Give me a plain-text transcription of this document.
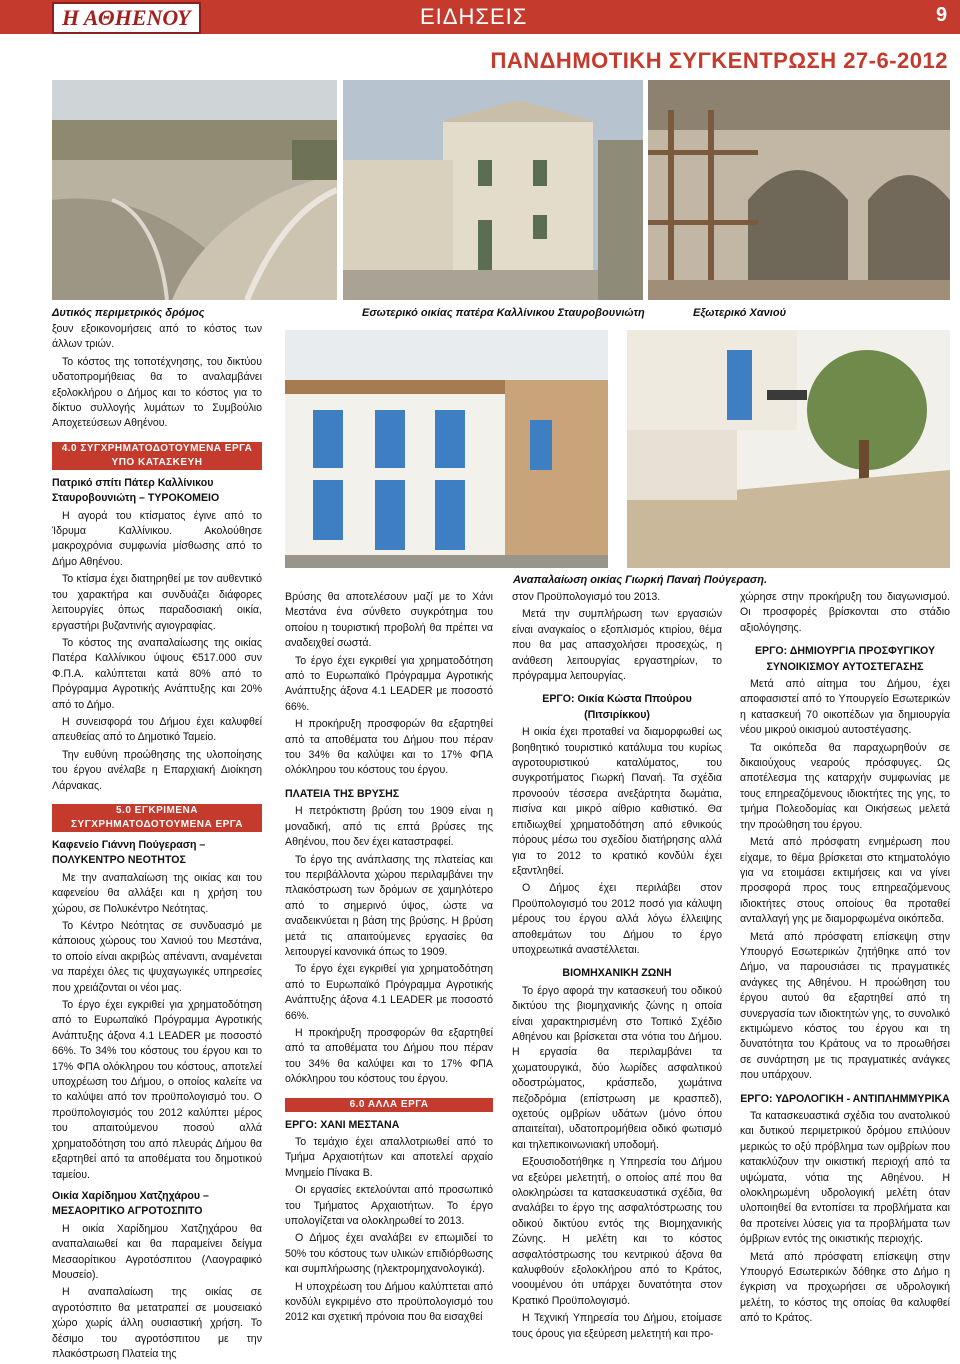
Η ΑΘΗΕΝΟΥ	ΕΙΔΗΣΕΙΣ	9
ΠΑΝΔΗΜΟΤΙΚΗ ΣΥΓΚΕΝΤΡΩΣΗ 27-6-2012
Δυτικός περιμετρικός δρόμος	Εσωτερικό οικίας πατέρα Καλλίνικου Σταυροβουνιώτη	Εξωτερικό Χανιού
Αναπαλαίωση οικίας Γιωρκή Παναή Πούγεραση.

ξουν εξοικονομήσεις από το κόστος των άλλων τριών.

Το κόστος της τοποτέχνησης, του δικτύου υδατοπρομήθειας θα το αναλαμβάνει εξολοκλήρου ο Δήμος και το κόστος για το δίκτυο συλλογής λυμάτων το Συμβούλιο Αποχετεύσεων Αθηένου.

4.0 ΣΥΓΧΡΗΜΑΤΟΔΟΤΟΥΜΕΝΑ ΕΡΓΑ
ΥΠΟ ΚΑΤΑΣΚΕΥΗ

Πατρικό σπίτι Πάτερ Καλλίνικου Σταυροβουνιώτη – ΤΥΡΟΚΟΜΕΙΟ

Η αγορά του κτίσματος έγινε από το Ίδρυμα Καλλίνικου. Ακολούθησε μακροχρόνια συμφωνία μίσθωσης από το Δήμο Αθηένου.

Το κτίσμα έχει διατηρηθεί με τον αυθεντικό του χαρακτήρα και συνδυάζει διάφορες λειτουργίες όπως παραδοσιακή οικία, εργαστήρι βυζαντινής αγιογραφίας.

Το κόστος της αναπαλαίωσης της οικίας Πατέρα Καλλίνικου ύψους €517.000 συν Φ.Π.Α. καλύπτεται κατά 80% από το Πρόγραμμα Αγροτικής Ανάπτυξης και 20% από το Δήμο.

Η συνεισφορά του Δήμου έχει καλυφθεί απευθείας από το Δημοτικό Ταμείο.

Την ευθύνη προώθησης της υλοποίησης του έργου ανέλαβε η Επαρχιακή Διοίκηση Λάρνακας.

5.0 ΕΓΚΡΙΜΕΝΑ
ΣΥΓΧΡΗΜΑΤΟΔΟΤΟΥΜΕΝΑ ΕΡΓΑ

Καφενείο Γιάννη Πούγεραση – ΠΟΛΥΚΕΝΤΡΟ ΝΕΟΤΗΤΟΣ

Με την αναπαλαίωση της οικίας και του καφενείου θα αλλάξει και η χρήση του χώρου, σε Πολυκέντρο Νεότητας.

Το Κέντρο Νεότητας σε συνδυασμό με κάποιους χώρους του Χανιού του Μεστάνα, το οποίο είναι ακριβώς απέναντι, αναμένεται να παρέχει όλες τις ψυχαγωγικές υπηρεσίες που χρειάζονται οι νέοι μας.

Το έργο έχει εγκριθεί για χρηματοδότηση από το Ευρωπαϊκό Πρόγραμμα Αγροτικής Ανάπτυξης άξονα 4.1 LEADER με ποσοστό 66%. Το 34% του κόστους του έργου και το 17% ΦΠΑ ολόκληρου του κόστους, αποτελεί υποχρέωση του Δήμου, ο οποίος καλείτε να το καλύψει από τον προϋπολογισμό του. Ο προϋπολογισμός του 2012 καλύπτει μέρος του απαιτούμενου ποσού αλλά χρηματοδότηση του από πλευράς Δήμου θα εξαρτηθεί από τα αποθέματα του δημοτικού ταμείου.

Οικία Χαρίδημου Χατζηχάρου – ΜΕΣΑΟΡΙΤΙΚΟ ΑΓΡΟΤΟΣΠΙΤΟ

Η οικία Χαρίδημου Χατζηχάρου θα αναπαλαιωθεί και θα παραμείνει δείγμα Μεσαορίτικου Αγροτόσπιτου (Λαογραφικό Μουσείο).

Η αναπαλαίωση της οικίας σε αγροτόσπιτο θα μετατραπεί σε μουσειακό χώρο χωρίς άλλη ουσιαστική χρήση. Το δέσιμο του αγροτόσπιτου με την πλακόστρωση Πλατεία της

Βρύσης θα αποτελέσουν μαζί με το Χάνι Μεστάνα ένα σύνθετο συγκρότημα του οποίου η τουριστική προβολή θα πρέπει να αναδειχθεί σωστά.

Το έργο έχει εγκριθεί για χρηματοδότηση από το Ευρωπαϊκό Πρόγραμμα Αγροτικής Ανάπτυξης άξονα 4.1 LEADER με ποσοστό 66%.

Η προκήρυξη προσφορών θα εξαρτηθεί από τα αποθέματα του Δήμου που πέραν του 34% θα καλύψει και το 17% ΦΠΑ ολόκληρου του κόστους του έργου.

ΠΛΑΤΕΙΑ ΤΗΣ ΒΡΥΣΗΣ

Η πετρόκτιστη βρύση του 1909 είναι η μοναδική, από τις επτά βρύσες της Αθηένου, που δεν έχει καταστραφεί.

Το έργο της ανάπλασης της πλατείας και του περιβάλλοντα χώρου περιλαμβάνει την πλακόστρωση των δρόμων σε χαμηλότερο από το σημερινό ύψος, ώστε να αναδεικνύεται η βάση της βρύσης. Η βρύση μετά τις απαιτούμενες εργασίες θα λειτουργεί κανονικά όπως το 1909.

Το έργο έχει εγκριθεί για χρηματοδότηση από το Ευρωπαϊκό Πρόγραμμα Αγροτικής Ανάπτυξης άξονα 4.1 LEADER με ποσοστό 66%.

Η προκήρυξη προσφορών θα εξαρτηθεί από τα αποθέματα του Δήμου που πέραν του 34% θα καλύψει και το 17% ΦΠΑ ολόκληρου του κόστους του έργου.

6.0 ΑΛΛΑ ΕΡΓΑ

ΕΡΓΟ: ΧΑΝΙ ΜΕΣΤΑΝΑ

Το τεμάχιο έχει απαλλοτριωθεί από το Τμήμα Αρχαιοτήτων και αποτελεί αρχαίο Μνημείο Πίνακα Β.

Οι εργασίες εκτελούνται από προσωπικό του Τμήματος Αρχαιοτήτων. Το έργο υπολογίζεται να ολοκληρωθεί το 2013.

Ο Δήμος έχει αναλάβει εν επωμιδεί το 50% του κόστους των υλικών επιδιόρθωσης και συμπλήρωσης (ηλεκτρομηχανολογικά).

Η υποχρέωση του Δήμου καλύπτεται από κονδύλι εγκριμένο στο προϋπολογισμό του 2012 και σχετική πρόνοια που θα εισαχθεί

στον Προϋπολογισμό του 2013.

Μετά την συμπλήρωση των εργασιών είναι αναγκαίος ο εξοπλισμός κτιρίου, θέμα που θα μας απασχολήσει προσεχώς, η ανάθεση λειτουργίας εργαστηρίων, το πρόγραμμα λειτουργίας.

ΕΡΓΟ: Οικία Κώστα Ππούρου (Πιτσιρίκκου)

Η οικία έχει προταθεί να διαμορφωθεί ως βοηθητικό τουριστικό κατάλυμα του κυρίως αγροτουριστικού καταλύματος, του συγκροτήματος Γιωρκή Παναή. Τα σχέδια προνοούν τέσσερα ανεξάρτητα δωμάτια, πισίνα και μικρό αίθριο καθιστικό. Θα επιδιωχθεί χρηματοδότηση από εθνικούς πόρους μέσω του σχεδίου διατήρησης αλλά για το 2012 το κρατικό κονδύλι έχει εξαντληθεί.

Ο Δήμος έχει περιλάβει στον Προϋπολογισμό του 2012 ποσό για κάλυψη μέρους του έργου αλλά λόγω έλλειψης αποθεμάτων του Δήμου το έργο υποχρεωτικά αναστέλλεται.

ΒΙΟΜΗΧΑΝΙΚΗ ΖΩΝΗ

Το έργο αφορά την κατασκευή του οδικού δικτύου της βιομηχανικής ζώνης η οποία είναι χαρακτηρισμένη στο Τοπικό Σχέδιο Αθηένου και βρίσκεται στα νότια του Δήμου. Η εργασία θα περιλαμβάνει τα χωματουργικά, δύο λωρίδες ασφαλτικού οδοστρώματος, κράσπεδο, χωμάτινα πεζοδρόμια (επίστρωση με κρασπεδ), οχετούς ομβρίων υδάτων (μόνο όπου απαιτείται), υδατοπρομήθεια οδικό φωτισμό και τηλεπικοινωνιακή υποδομή.

Εξουσιοδοτήθηκε η Υπηρεσία του Δήμου να εξεύρει μελετητή, ο οποίος απέ που θα ολοκληρώσει τα κατασκευαστικά σχέδια, θα αναλάβει το έργο της ασφαλτόστρωσης του οδικού δικτύου εντός της Βιομηχανικής Ζώνης. Η μελέτη και το κόστος ασφαλτόστρωσης του κεντρικού άξονα θα καλυφθούν εξολοκλήρου από το Κράτος, νοουμένου ότι υπάρχει δυνατότητα στον Κρατικό Προϋπολογισμό.

Η Τεχνική Υπηρεσία του Δήμου, ετοίμασε τους όρους για εξεύρεση μελετητή και προ-

χώρησε στην προκήρυξη του διαγωνισμού. Οι προσφορές βρίσκονται στο στάδιο αξιολόγησης.

ΕΡΓΟ: ΔΗΜΙΟΥΡΓΙΑ ΠΡΟΣΦΥΓΙΚΟΥ ΣΥΝΟΙΚΙΣΜΟΥ ΑΥΤΟΣΤΕΓΑΣΗΣ

Μετά από αίτημα του Δήμου, έχει αποφασιστεί από το Υπουργείο Εσωτερικών η κατασκευή 70 οικοπέδων για δημιουργία νέου μικρού οικισμού αυτοστέγασης.

Τα οικόπεδα θα παραχωρηθούν σε δικαιούχους νεαρούς πρόσφυγες. Ως αποτέλεσμα της καταρχήν συμφωνίας με τους επηρεαζόμενους ιδιοκτήτες της γης, το τμήμα Πολεοδομίας και Οικήσεως μελετά την προώθηση του έργου.

Μετά από πρόσφατη ενημέρωση που είχαμε, το θέμα βρίσκεται στο κτηματολόγιο για να ετοιμάσει εκτιμήσεις και να γίνει προσφορά προς τους επηρεαζόμενους ιδιοκτήτες στους οποίους θα προταθεί ανταλλαγή γης με διαμορφωμένα οικόπεδα.

Μετά από πρόσφατη επίσκεψη στην Υπουργό Εσωτερικών ζητήθηκε από τον Δήμο, να παρουσιάσει τις πραγματικές ανάγκες της Αθηένου. Η προώθηση του έργου αυτού θα εξαρτηθεί από τη συνεργασία των ιδιοκτητών γης, το συνολικό εκτιμώμενο κόστος του έργου και τη δυνατότητα του Κράτους να το προωθήσει σε συνάρτηση με τις πραγματικές ανάγκες που υπάρχουν.

ΕΡΓΟ: ΥΔΡΟΛΟΓΙΚΗ - ΑΝΤΙΠΛΗΜΜΥΡΙΚΑ

Τα κατασκευαστικά σχέδια του ανατολικού και δυτικού περιμετρικού δρόμου επιλύουν μερικώς το οξύ πρόβλημα των ομβρίων που κατακλύζουν την οικιστική περιοχή από τα υψώματα, νότια της Αθηένου. Η ολοκληρωμένη υδρολογική μελέτη όταν υλοποιηθεί θα εντοπίσει τα προβλήματα και θα προτείνει λύσεις για τα προβλήματα των όμβριων εντός της οικιστικής περιοχής.

Μετά από πρόσφατη επίσκεψη στην Υπουργό Εσωτερικών δόθηκε στο Δήμο η έγκριση να προχωρήσει σε υδρολογική μελέτη, το κόστος της οποίας θα καλυφθεί από το Κράτος.
